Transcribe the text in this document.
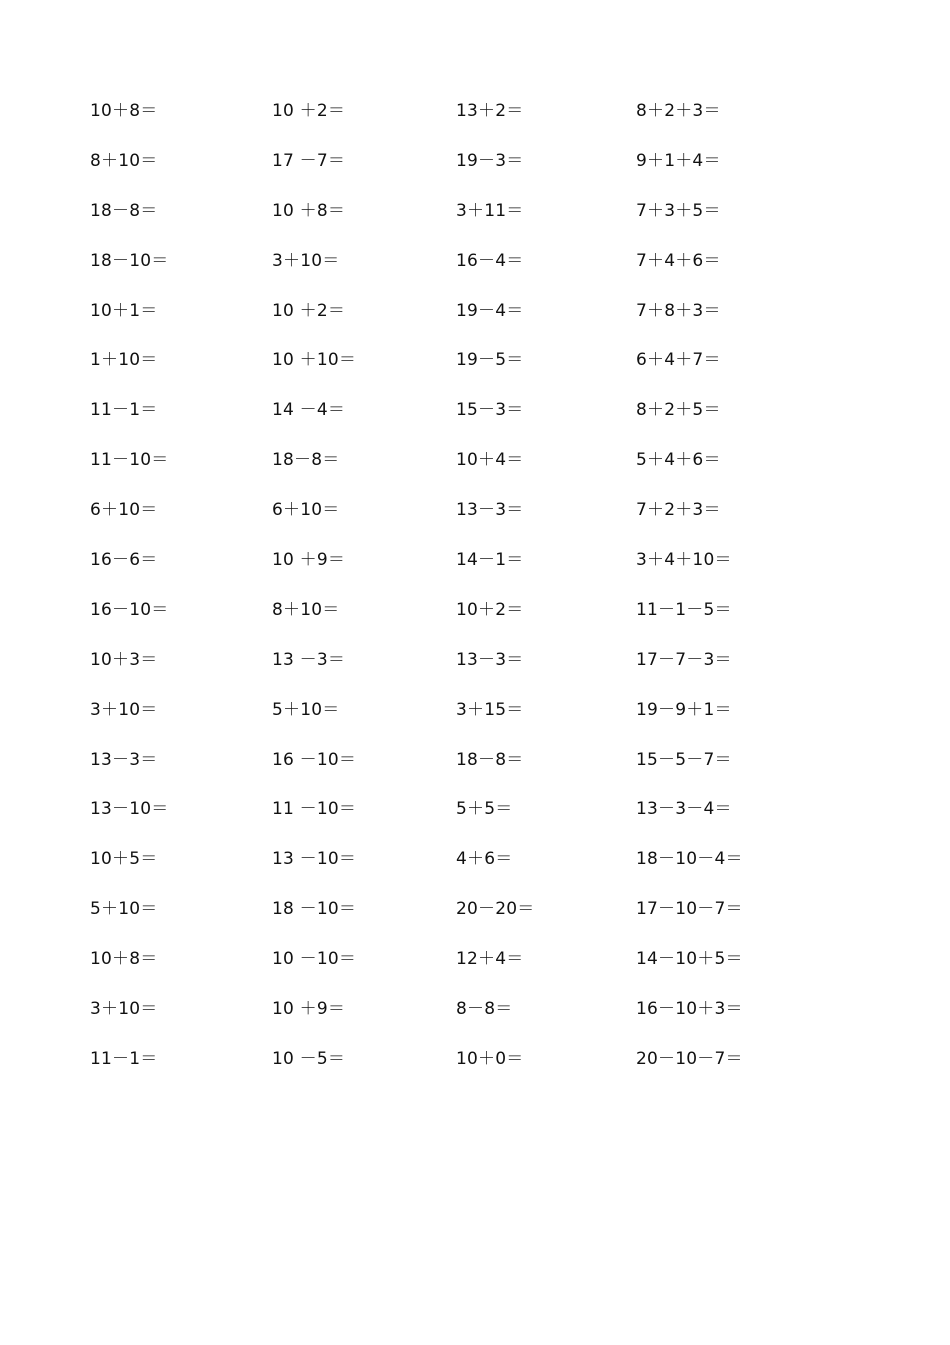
10＋8＝	10 ＋2＝	13＋2＝	8＋2＋3＝
8＋10＝	17 －7＝	19－3＝	9＋1＋4＝
18－8＝	10 ＋8＝	3＋11＝	7＋3＋5＝
18－10＝	3＋10＝	16－4＝	7＋4＋6＝
10＋1＝	10 ＋2＝	19－4＝	7＋8＋3＝
1＋10＝	10 ＋10＝	19－5＝	6＋4＋7＝
11－1＝	14 －4＝	15－3＝	8＋2＋5＝
11－10＝	18－8＝	10＋4＝	5＋4＋6＝
6＋10＝	6＋10＝	13－3＝	7＋2＋3＝
16－6＝	10 ＋9＝	14－1＝	3＋4＋10＝
16－10＝	8＋10＝	10＋2＝	11－1－5＝
10＋3＝	13 －3＝	13－3＝	17－7－3＝
3＋10＝	5＋10＝	3＋15＝	19－9＋1＝
13－3＝	16 －10＝	18－8＝	15－5－7＝
13－10＝	11 －10＝	5＋5＝	13－3－4＝
10＋5＝	13 －10＝	4＋6＝	18－10－4＝
5＋10＝	18 －10＝	20－20＝	17－10－7＝
10＋8＝	10 －10＝	12＋4＝	14－10＋5＝
3＋10＝	10 ＋9＝	8－8＝	16－10＋3＝
11－1＝	10 －5＝	10＋0＝	20－10－7＝
